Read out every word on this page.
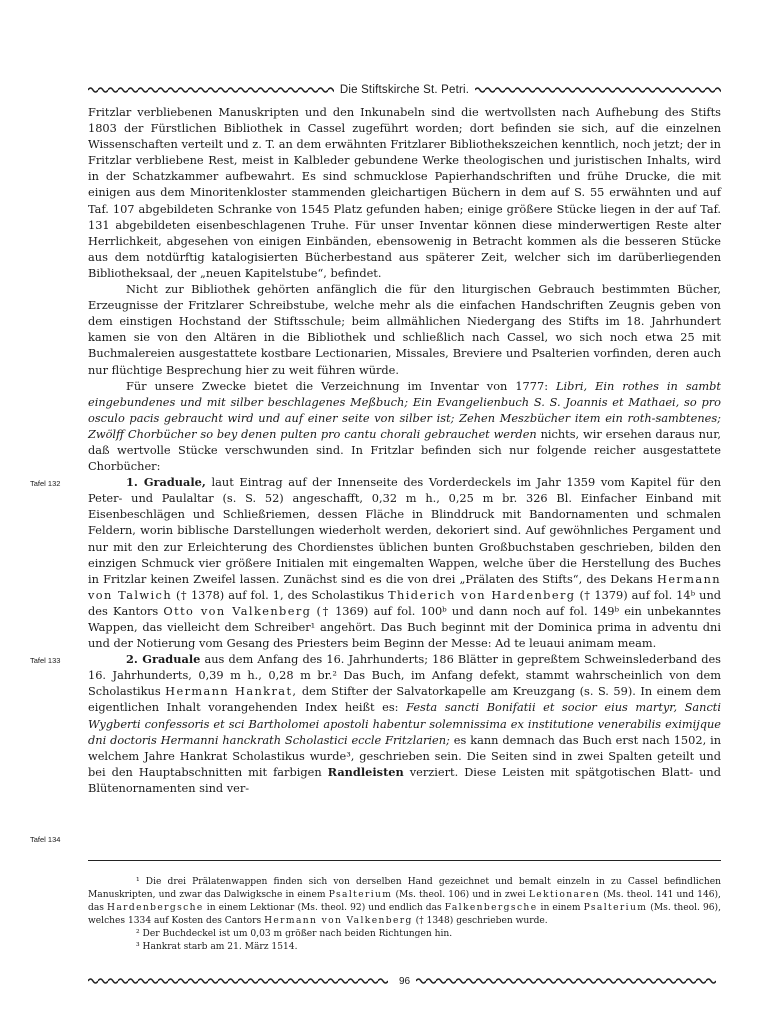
Die Stiftskirche St. Petri.

Fritzlar verbliebenen Manuskripten und den Inkunabeln sind die wertvollsten nach Aufhebung des Stifts 1803 der Fürstlichen Bibliothek in Cassel zugeführt worden; dort befinden sie sich, auf die einzelnen Wissenschaften verteilt und z. T. an dem erwähnten Fritzlarer Bibliothekszeichen kenntlich, noch jetzt; der in Fritzlar verbliebene Rest, meist in Kalbleder gebundene Werke theologischen und juristischen Inhalts, wird in der Schatzkammer aufbewahrt. Es sind schmucklose Papierhandschriften und frühe Drucke, die mit einigen aus dem Minoritenkloster stammenden gleichartigen Büchern in dem auf S. 55 erwähnten und auf Taf. 107 abgebildeten Schranke von 1545 Platz gefunden haben; einige größere Stücke liegen in der auf Taf. 131 abgebildeten eisenbeschlagenen Truhe. Für unser Inventar können diese minderwertigen Reste alter Herrlichkeit, abgesehen von einigen Einbänden, ebensowenig in Betracht kommen als die besseren Stücke aus dem notdürftig katalogisierten Bücherbestand aus späterer Zeit, welcher sich im darüberliegenden Bibliotheksaal, der „neuen Kapitelstube“, befindet.

Nicht zur Bibliothek gehörten anfänglich die für den liturgischen Gebrauch bestimmten Bücher, Erzeugnisse der Fritzlarer Schreibstube, welche mehr als die einfachen Handschriften Zeugnis geben von dem einstigen Hochstand der Stiftsschule; beim allmählichen Niedergang des Stifts im 18. Jahrhundert kamen sie von den Altären in die Bibliothek und schließlich nach Cassel, wo sich noch etwa 25 mit Buchmalereien ausgestattete kostbare Lectionarien, Missales, Breviere und Psalterien vorfinden, deren auch nur flüchtige Besprechung hier zu weit führen würde.

Für unsere Zwecke bietet die Verzeichnung im Inventar von 1777: Libri, Ein rothes in sambt eingebundenes und mit silber beschlagenes Meßbuch; Ein Evangelienbuch S. S. Joannis et Mathaei, so pro osculo pacis gebraucht wird und auf einer seite von silber ist; Zehen Meszbücher item ein roth-sambtenes; Zwölff Chorbücher so bey denen pulten pro cantu chorali gebrauchet werden nichts, wir ersehen daraus nur, daß wertvolle Stücke verschwunden sind. In Fritzlar befinden sich nur folgende reicher ausgestattete Chorbücher:

Tafel 132	1. Graduale, laut Eintrag auf der Innenseite des Vorderdeckels im Jahr 1359 vom Kapitel für den Peter- und Paulaltar (s. S. 52) angeschafft, 0,32 m h., 0,25 m br. 326 Bl. Einfacher Einband mit Eisenbeschlägen und Schließriemen, dessen Fläche in Blinddruck mit Bandornamenten und schmalen Feldern, worin biblische Darstellungen wiederholt werden, dekoriert sind. Auf gewöhnliches Pergament und nur mit den zur Erleichterung des Chordienstes üblichen bunten Großbuchstaben geschrieben, bilden den einzigen Schmuck vier größere Initialen mit eingemalten Wappen, welche über die Herstellung des Buches in Fritzlar keinen Zweifel lassen. Zunächst sind es die von drei „Prälaten des Stifts“, des Dekans Hermann von Talwich († 1378) auf fol. 1, des Scholastikus Thiderich von Hardenberg († 1379) auf fol. 14ᵇ und des Kantors Otto von Valkenberg († 1369) auf fol. 100ᵇ und dann noch auf fol. 149ᵇ ein unbekanntes Wappen, das vielleicht dem Schreiber¹ angehört. Das Buch beginnt mit der Dominica prima in adventu dni und der Notierung vom Gesang des Priesters beim Beginn der Messe: Ad te leuaui animam meam.

Tafel 133	2. Graduale aus dem Anfang des 16. Jahrhunderts; 186 Blätter in gepreßtem Schweinslederband des 16. Jahrhunderts, 0,39 m h., 0,28 m br.² Das Buch, im Anfang defekt, stammt wahrscheinlich von dem Scholastikus Hermann Hankrat, dem Stifter der Salvatorkapelle am Kreuzgang (s. S. 59). In einem dem eigentlichen Inhalt vorangehenden Index heißt es: Festa sancti Bonifatii et socior eius martyr, Sancti Wygberti confessoris et sci Bartholomei apostoli habentur solemnissima ex institutione venerabilis eximijque dni doctoris Hermanni hanckrath Scholastici eccle Fritzlarien; es kann demnach das Buch erst nach 1502, in welchem Jahre Hankrat Scholastikus wurde³, geschrieben sein. Die Seiten sind in zwei Spalten geteilt und bei den Hauptabschnitten mit farbigen Randleisten verziert. Diese Leisten mit spätgotischen Blatt- und Blütenornamenten sind ver-

Tafel 134

¹ Die drei Prälatenwappen finden sich von derselben Hand gezeichnet und bemalt einzeln in zu Cassel befindlichen Manuskripten, und zwar das Dalwigksche in einem Psalterium (Ms. theol. 106) und in zwei Lektionaren (Ms. theol. 141 und 146), das Hardenbergsche in einem Lektionar (Ms. theol. 92) und endlich das Falkenbergsche in einem Psalterium (Ms. theol. 96), welches 1334 auf Kosten des Cantors Hermann von Valkenberg († 1348) geschrieben wurde.

² Der Buchdeckel ist um 0,03 m größer nach beiden Richtungen hin.

³ Hankrat starb am 21. März 1514.

96
